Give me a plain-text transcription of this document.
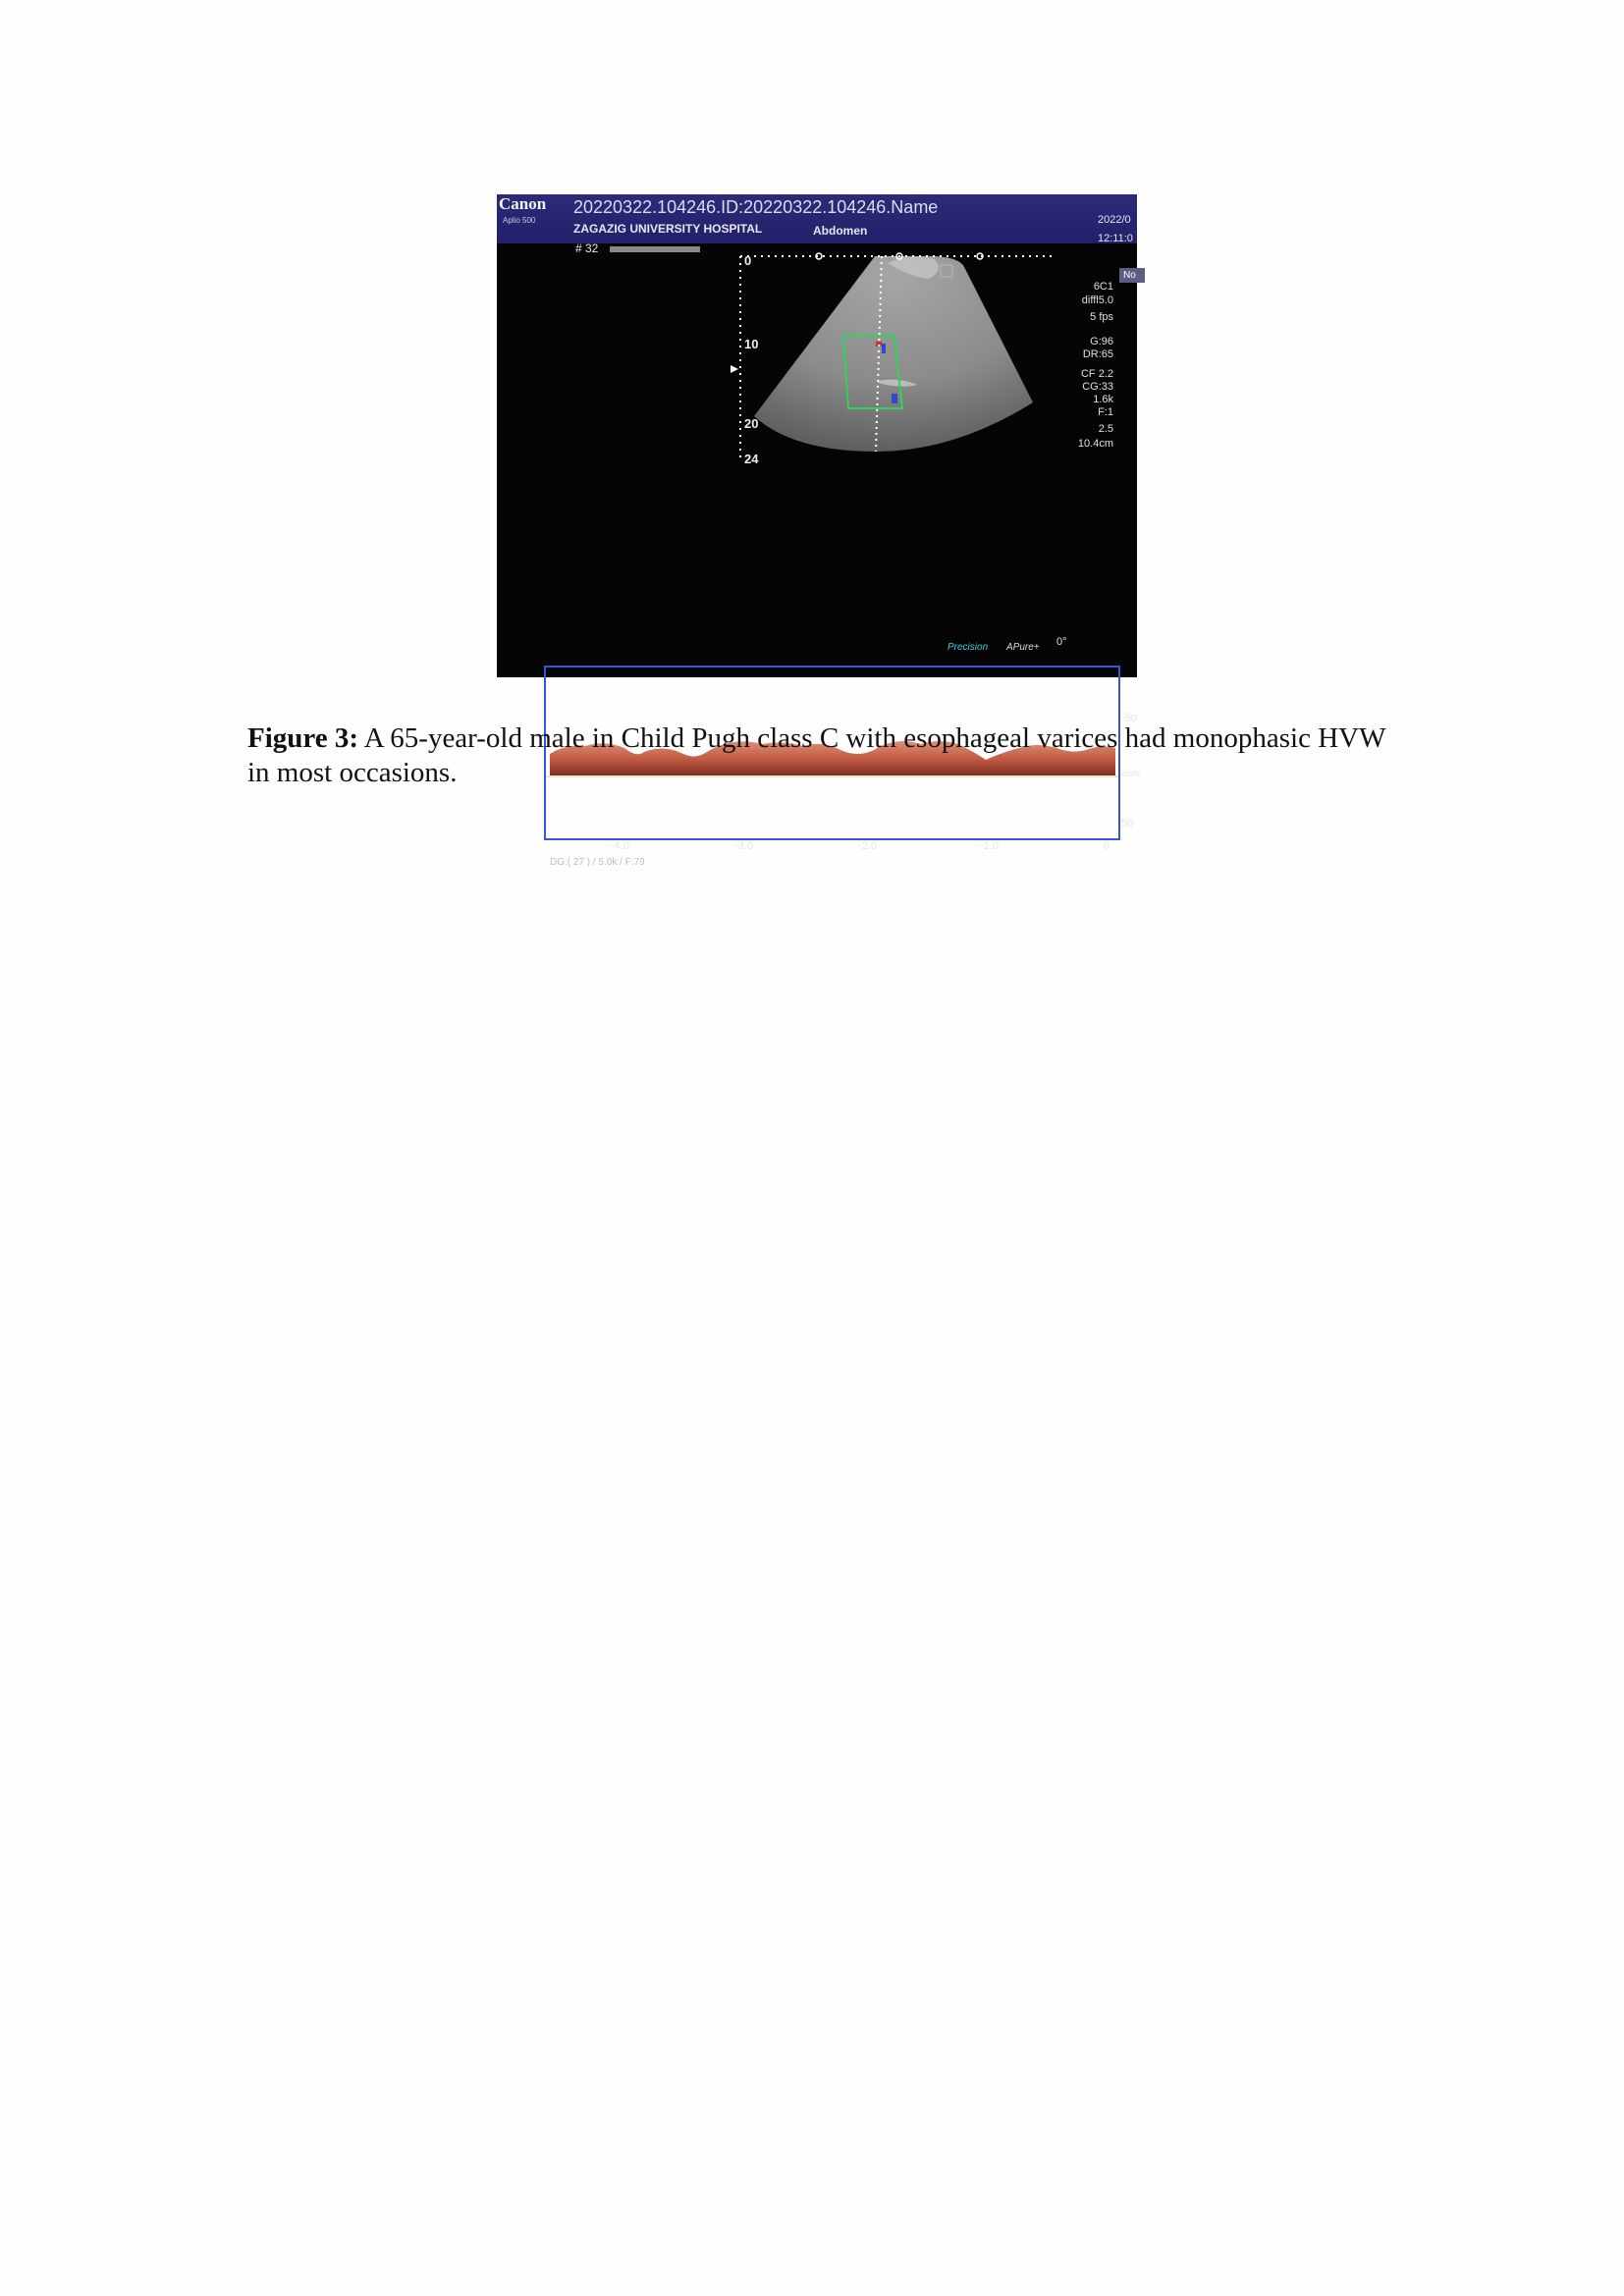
Canon
Aplio 500
20220322.104246.ID:20220322.104246.Name
ZAGAZIG UNIVERSITY HOSPITAL	Abdomen
2022/0
12:11:0
# 32
No
0
10
20
24
6C1
diffl5.0
5 fps
G:96
DR:65
CF 2.2
CG:33
1.6k
F:1
2.5
10.4cm
0°
Precision APure+
-50
cm/s
50
-4.0	-3.0	-2.0	-1.0	0
DG:( 27 ) / 5.0k / F:79

Figure 3: A 65-year-old male in Child Pugh class C with esophageal varices had monophasic HVW in most occasions.
